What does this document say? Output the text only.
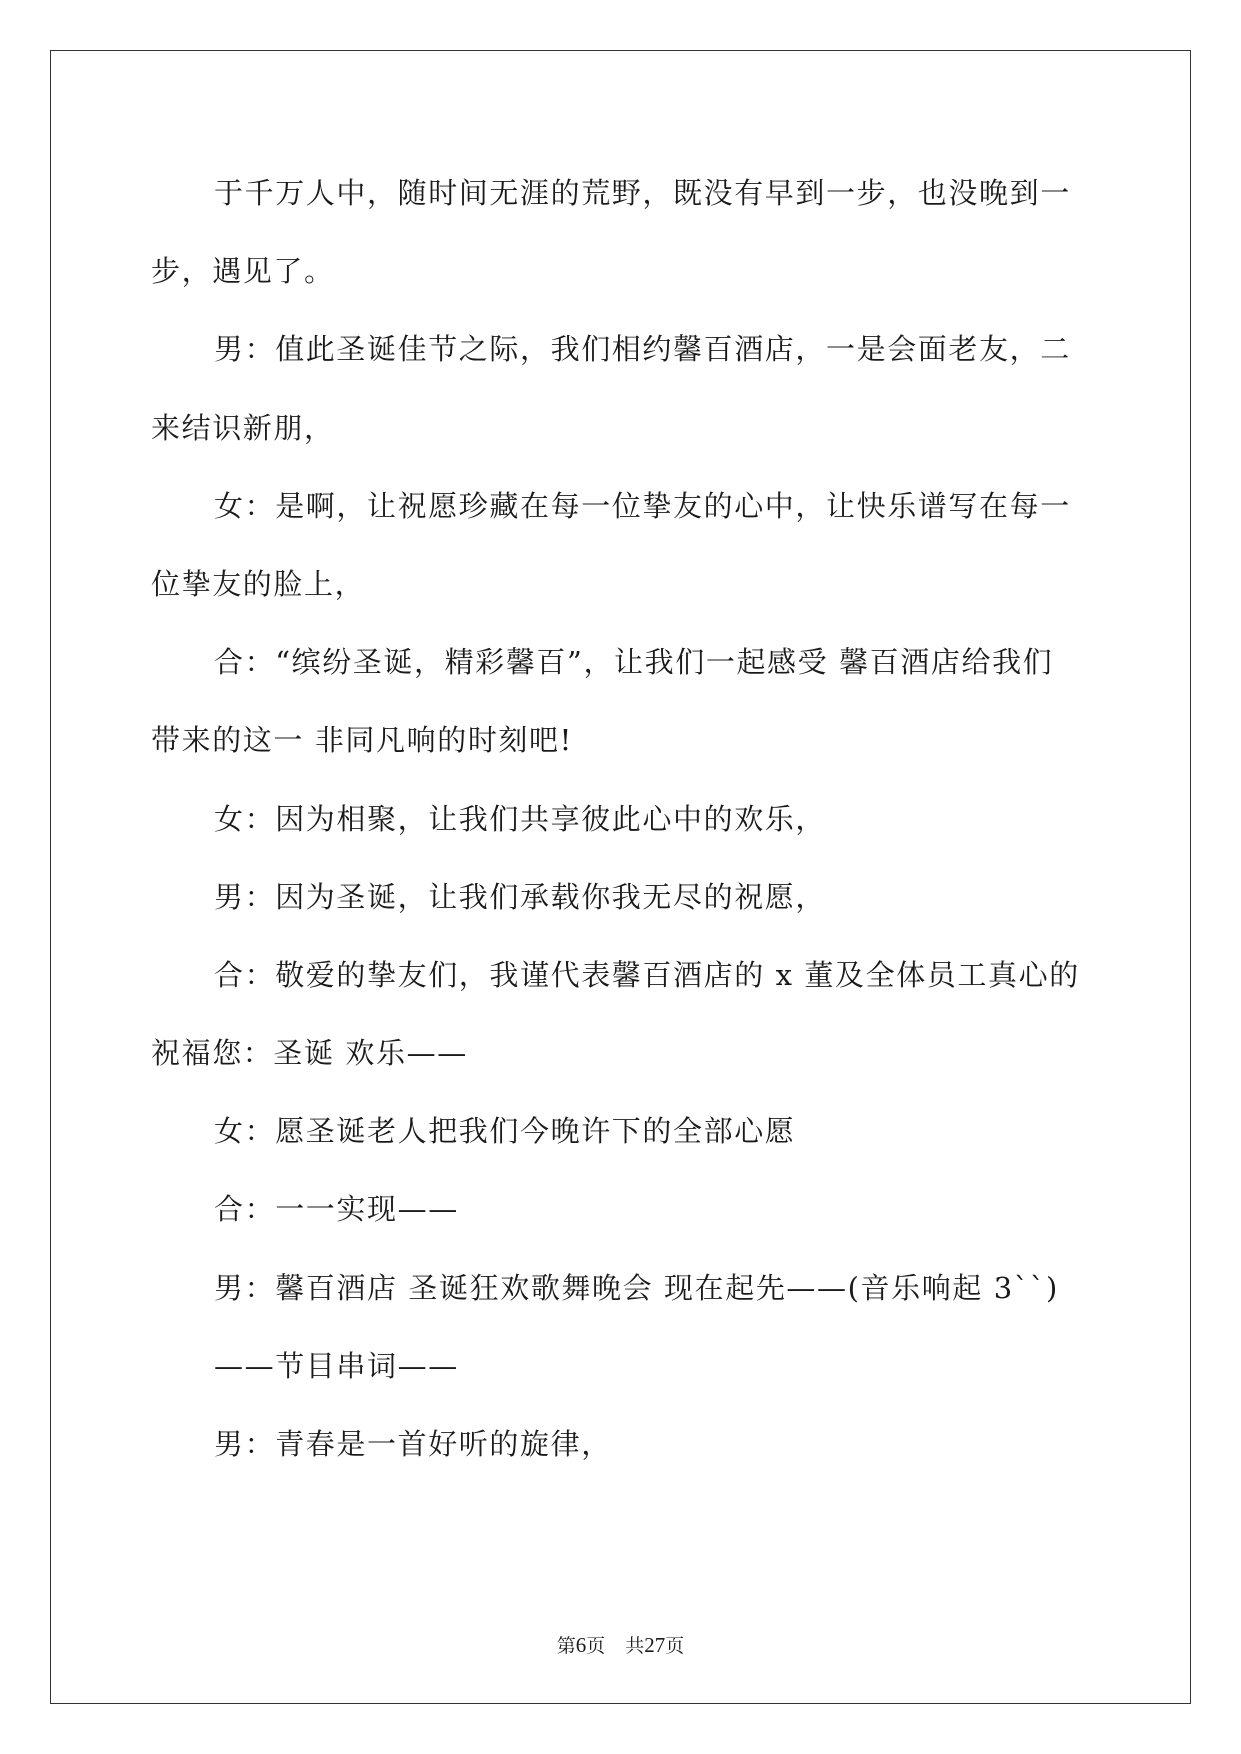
于千万人中，随时间无涯的荒野，既没有早到一步，也没晚到一
步，遇见了。
男：值此圣诞佳节之际，我们相约馨百酒店，一是会面老友，二
来结识新朋，
女：是啊，让祝愿珍藏在每一位挚友的心中，让快乐谱写在每一
位挚友的脸上，
合：“缤纷圣诞，精彩馨百”，让我们一起感受 馨百酒店给我们
带来的这一 非同凡响的时刻吧!
女：因为相聚，让我们共享彼此心中的欢乐，
男：因为圣诞，让我们承载你我无尽的祝愿，
合：敬爱的挚友们，我谨代表馨百酒店的 x 董及全体员工真心的
祝福您：圣诞 欢乐——
女：愿圣诞老人把我们今晚许下的全部心愿
合：一一实现——
男：馨百酒店 圣诞狂欢歌舞晚会 现在起先——(音乐响起 3``)
——节目串词——
男：青春是一首好听的旋律，
第6页 共27页
